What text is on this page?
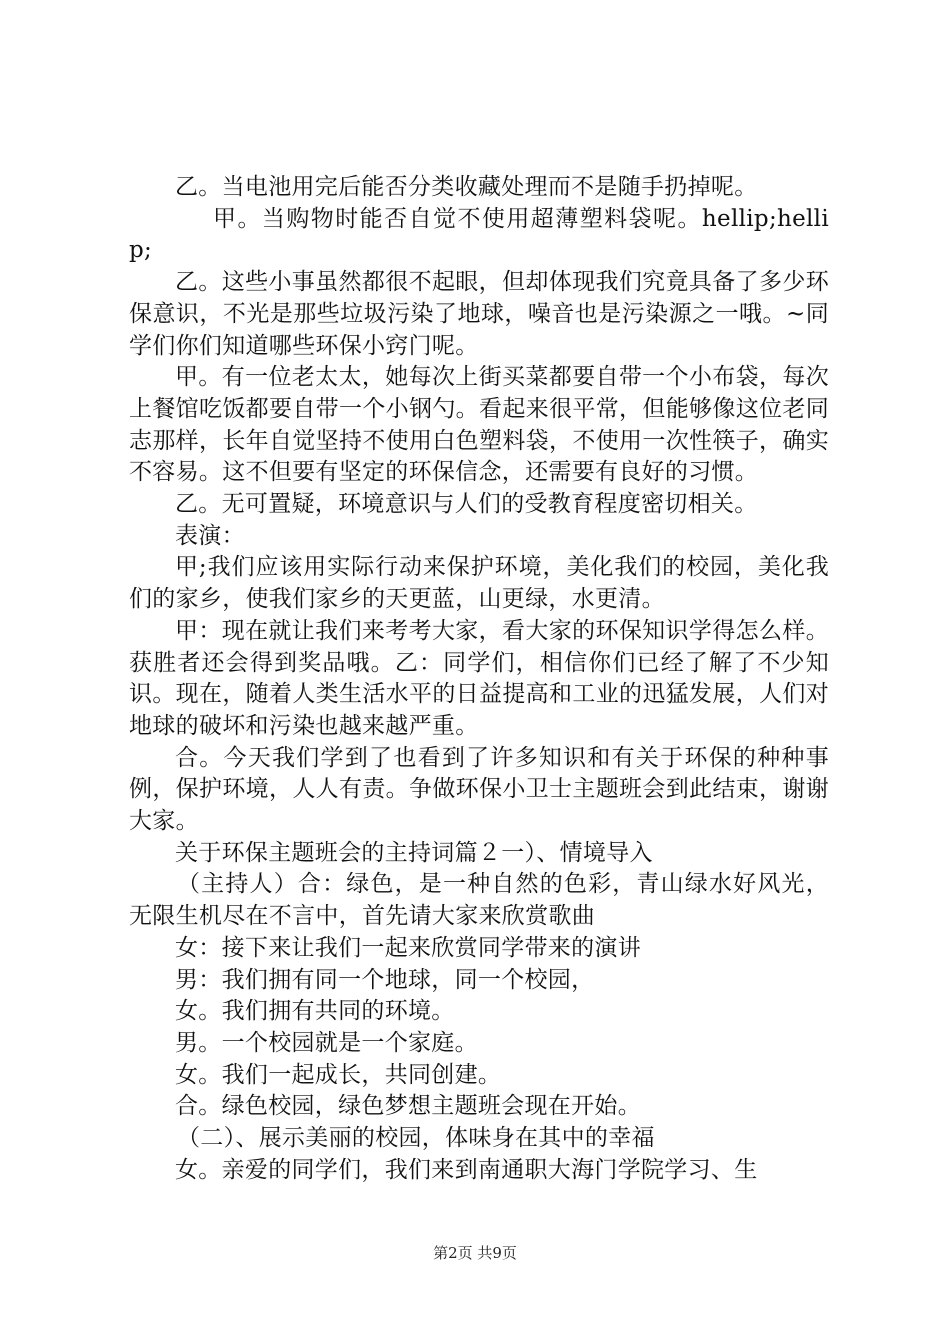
乙。当电池用完后能否分类收藏处理而不是随手扔掉呢。

甲。当购物时能否自觉不使用超薄塑料袋呢。hellip;hellip;

乙。这些小事虽然都很不起眼，但却体现我们究竟具备了多少环保意识，不光是那些垃圾污染了地球，噪音也是污染源之一哦。~同学们你们知道哪些环保小窍门呢。

甲。有一位老太太，她每次上街买菜都要自带一个小布袋，每次上餐馆吃饭都要自带一个小钢勺。看起来很平常，但能够像这位老同志那样，长年自觉坚持不使用白色塑料袋，不使用一次性筷子，确实不容易。这不但要有坚定的环保信念，还需要有良好的习惯。

乙。无可置疑，环境意识与人们的受教育程度密切相关。

表演：

甲;我们应该用实际行动来保护环境，美化我们的校园，美化我们的家乡，使我们家乡的天更蓝，山更绿，水更清。

甲：现在就让我们来考考大家，看大家的环保知识学得怎么样。获胜者还会得到奖品哦。乙：同学们，相信你们已经了解了不少知识。现在，随着人类生活水平的日益提高和工业的迅猛发展，人们对地球的破坏和污染也越来越严重。

合。今天我们学到了也看到了许多知识和有关于环保的种种事例，保护环境，人人有责。争做环保小卫士主题班会到此结束，谢谢大家。

关于环保主题班会的主持词篇２一）、情境导入

（主持人）合：绿色，是一种自然的色彩，青山绿水好风光，无限生机尽在不言中，首先请大家来欣赏歌曲

女：接下来让我们一起来欣赏同学带来的演讲

男：我们拥有同一个地球，同一个校园，

女。我们拥有共同的环境。

男。一个校园就是一个家庭。

女。我们一起成长，共同创建。

合。绿色校园，绿色梦想主题班会现在开始。

（二）、展示美丽的校园，体味身在其中的幸福

女。亲爱的同学们，我们来到南通职大海门学院学习、生

第2页 共9页
